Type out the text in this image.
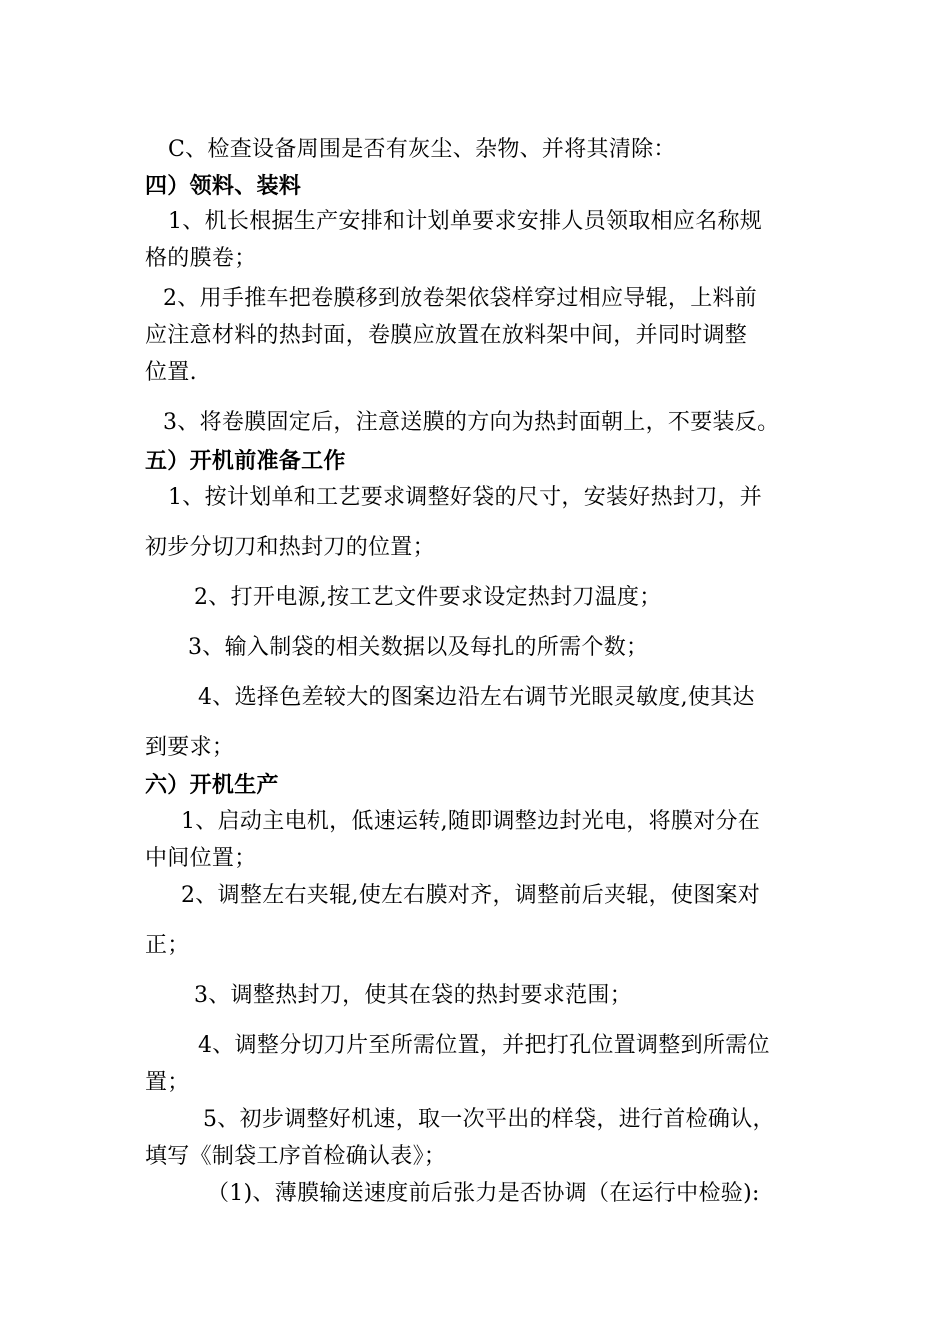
C、检查设备周围是否有灰尘、杂物、并将其清除：
四）领料、装料
1、机长根据生产安排和计划单要求安排人员领取相应名称规
格的膜卷；
2、用手推车把卷膜移到放卷架依袋样穿过相应导辊，上料前
应注意材料的热封面，卷膜应放置在放料架中间，并同时调整
位置.
3、将卷膜固定后，注意送膜的方向为热封面朝上，不要装反。
五）开机前准备工作
1、按计划单和工艺要求调整好袋的尺寸，安装好热封刀，并
初步分切刀和热封刀的位置；
2、打开电源,按工艺文件要求设定热封刀温度；
3、输入制袋的相关数据以及每扎的所需个数；
4、选择色差较大的图案边沿左右调节光眼灵敏度,使其达
到要求；
六）开机生产
1、启动主电机，低速运转,随即调整边封光电，将膜对分在
中间位置；
2、调整左右夹辊,使左右膜对齐，调整前后夹辊，使图案对
正；
3、调整热封刀，使其在袋的热封要求范围；
4、调整分切刀片至所需位置，并把打孔位置调整到所需位
置；
5、初步调整好机速，取一次平出的样袋，进行首检确认，
填写《制袋工序首检确认表》；
（1)、薄膜输送速度前后张力是否协调（在运行中检验):
